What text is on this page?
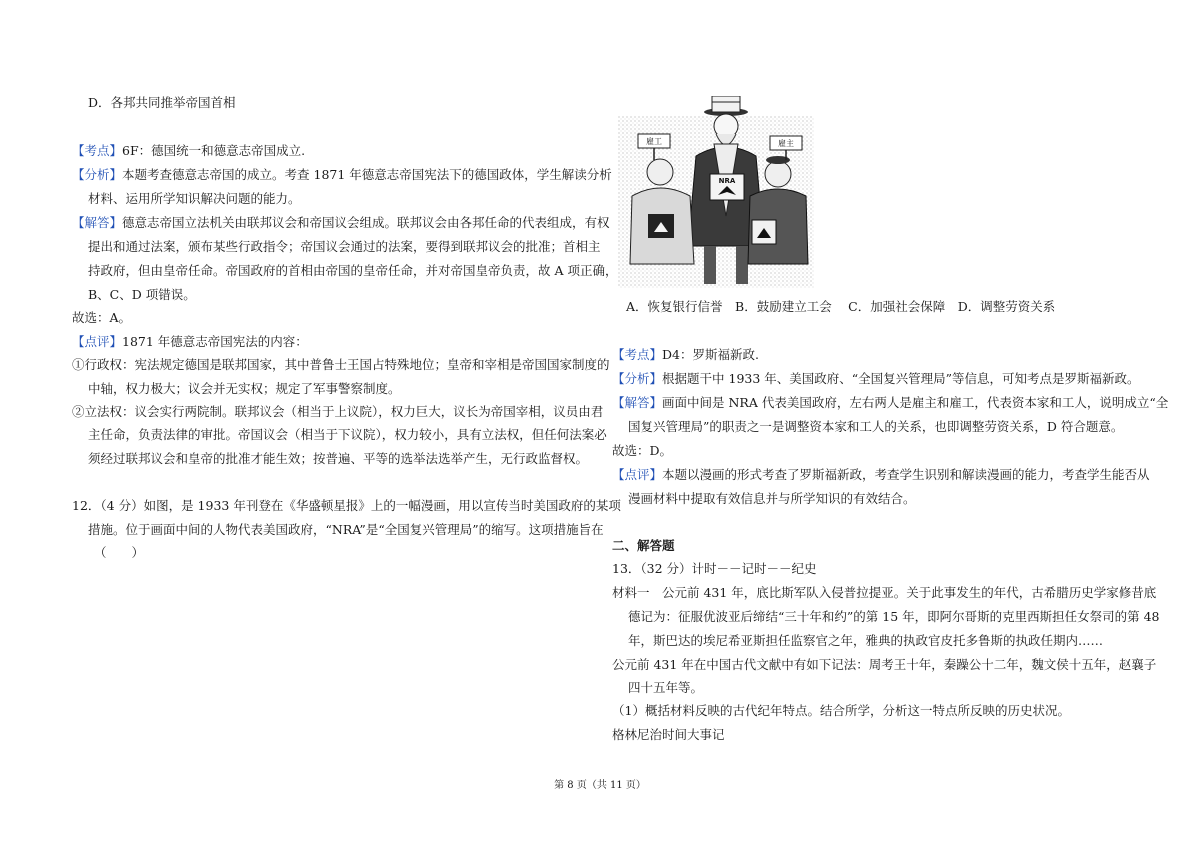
D．各邦共同推举帝国首相
【考点】6F：德国统一和德意志帝国成立.
【分析】本题考查德意志帝国的成立。考查 1871 年德意志帝国宪法下的德国政体，学生解读分析
材料、运用所学知识解决问题的能力。
【解答】德意志帝国立法机关由联邦议会和帝国议会组成。联邦议会由各邦任命的代表组成，有权
提出和通过法案，颁布某些行政指令；帝国议会通过的法案，要得到联邦议会的批准；首相主
持政府，但由皇帝任命。帝国政府的首相由帝国的皇帝任命，并对帝国皇帝负责，故 A 项正确，
B、C、D 项错误。
故选：A。
【点评】1871 年德意志帝国宪法的内容：
①行政权：宪法规定德国是联邦国家，其中普鲁士王国占特殊地位；皇帝和宰相是帝国国家制度的
中轴，权力极大；议会并无实权；规定了军事警察制度。
②立法权：议会实行两院制。联邦议会（相当于上议院），权力巨大，议长为帝国宰相，议员由君
主任命，负责法律的审批。帝国议会（相当于下议院），权力较小，具有立法权，但任何法案必
须经过联邦议会和皇帝的批准才能生效；按普遍、平等的选举法选举产生，无行政监督权。
12．（4 分）如图，是 1933 年刊登在《华盛顿星报》上的一幅漫画，用以宣传当时美国政府的某项
措施。位于画面中间的人物代表美国政府，“NRA”是“全国复兴管理局”的缩写。这项措施旨在
（　　）
NRA
雇工	雇主
A．恢复银行信誉　B．鼓励建立工会　 C．加强社会保障　D．调整劳资关系
【考点】D4：罗斯福新政.
【分析】根据题干中 1933 年、美国政府、“全国复兴管理局”等信息，可知考点是罗斯福新政。
【解答】画面中间是 NRA 代表美国政府，左右两人是雇主和雇工，代表资本家和工人，说明成立“全
国复兴管理局”的职责之一是调整资本家和工人的关系，也即调整劳资关系，D 符合题意。
故选：D。
【点评】本题以漫画的形式考查了罗斯福新政，考查学生识别和解读漫画的能力，考查学生能否从
漫画材料中提取有效信息并与所学知识的有效结合。
二、解答题
13．（32 分）计时－－记时－－纪史
材料一　公元前 431 年，底比斯军队入侵普拉提亚。关于此事发生的年代，古希腊历史学家修昔底
德记为：征服优波亚后缔结“三十年和约”的第 15 年，即阿尔哥斯的克里西斯担任女祭司的第 48
年，斯巴达的埃尼希亚斯担任监察官之年，雅典的执政官皮托多鲁斯的执政任期内……
公元前 431 年在中国古代文献中有如下记法：周考王十年，秦躁公十二年，魏文侯十五年，赵襄子
四十五年等。
（1）概括材料反映的古代纪年特点。结合所学，分析这一特点所反映的历史状况。
格林尼治时间大事记
第 8 页（共 11 页）
